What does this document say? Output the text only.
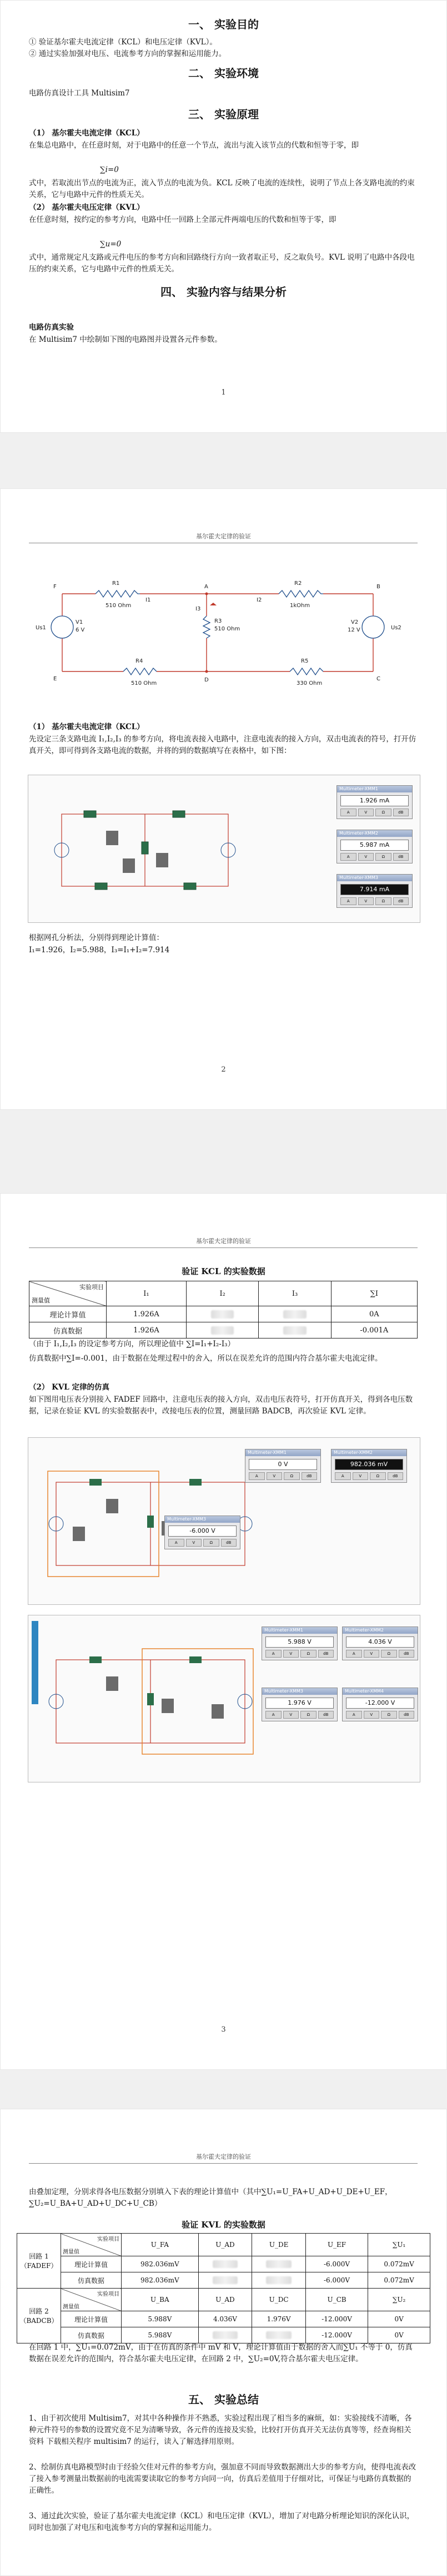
一、 实验目的
① 验证基尔霍夫电流定律（KCL）和电压定律（KVL）。
② 通过实验加强对电压、电流参考方向的掌握和运用能力。
二、 实验环境
电路仿真设计工具 Multisim7
三、 实验原理
（1） 基尔霍夫电流定律（KCL）
在集总电路中，在任意时刻，对于电路中的任意一个节点，流出与流入该节点的代数和恒等于零，即
∑i=0
式中，若取流出节点的电流为正，流入节点的电流为负。KCL 反映了电流的连续性，说明了节点上各支路电流的约束关系，它与电路中元件的性质无关。
（2） 基尔霍夫电压定律（KVL）
在任意时刻，按约定的参考方向，电路中任一回路上全部元件两端电压的代数和恒等于零，即
∑u=0
式中，通常规定凡支路或元件电压的参考方向和回路绕行方向一致者取正号，反之取负号。KVL 说明了电路中各段电压的约束关系，它与电路中元件的性质无关。
四、 实验内容与结果分析
电路仿真实验
在 Multisim7 中绘制如下图的电路图并设置各元件参数。
1
基尔霍夫定律的验证
R1
510 Ohm
R2
1kOhm
R3
510 Ohm
R4
510 Ohm
R5
330 Ohm
V1
6 V
Us1
V2
12 V	Us2
I1	I2
I3
A	B
C
D
E
F
（1） 基尔霍夫电流定律（KCL）
先设定三条支路电流 I₁,I₂,I₃ 的参考方向，将电流表接入电路中，注意电流表的接入方向，双击电流表的符号，打开仿真开关，即可得到各支路电流的数据，并将的到的数据填写在表格中，如下图：
Multimeter-XMM1
1.926 mA
A	V	Ω	dB
Multimeter-XMM2
5.987 mA
A	V	Ω	dB
Multimeter-XMM3
7.914 mA
A	V	Ω	dB
根据网孔分析法，分别得到理论计算值：
I₁=1.926，I₂=5.988，I₃=I₁+I₂=7.914
2
基尔霍夫定律的验证
验证 KCL 的实验数据
实验项目
测量值	I₁	I₂	I₃	∑I
理论计算值	1.926A			0A
仿真数据	1.926A			-0.001A
（由于 I₁,I₂,I₃ 的设定参考方向，所以理论值中 ∑I=I₁+I₂-I₃）
仿真数据中∑I=-0.001，由于数据在处理过程中的舍入，所以在误差允许的范围内符合基尔霍夫电流定律。
（2） KVL 定律的仿真
如下图用电压表分别接入 FADEF 回路中，注意电压表的接入方向，双击电压表符号，打开仿真开关，得到各电压数据，记录在验证 KVL 的实验数据表中，改接电压表的位置，测量回路 BADCB，再次验证 KVL 定律。
Multimeter-XMM1
0 V
A	V	Ω	dB
Multimeter-XMM2
982.036 mV
A	V	Ω	dB
Multimeter-XMM3
-6.000 V
A	V	Ω	dB
Multimeter-XMM1
5.988 V
A	V	Ω	dB
Multimeter-XMM2
4.036 V
A	V	Ω	dB
Multimeter-XMM3
1.976 V
A	V	Ω	dB
Multimeter-XMM4
-12.000 V
A	V	Ω	dB
3
基尔霍夫定律的验证
由叠加定理，分别求得各电压数据分别填入下表的理论计算值中（其中∑U₁=U_FA+U_AD+U_DE+U_EF，∑U₂=U_BA+U_AD+U_DC+U_CB）
验证 KVL 的实验数据
回路 1
（FADEF）	实验项目
测量值	U_FA	U_AD	U_DE	U_EF	∑U₁
	理论计算值	982.036mV			-6.000V	0.072mV
	仿真数据	982.036mV			-6.000V	0.072mV
回路 2
（BADCB）	实验项目
测量值	U_BA	U_AD	U_DC	U_CB	∑U₂
	理论计算值	5.988V	4.036V	1.976V	-12.000V	0V
	仿真数据	5.988V			-12.000V	0V
在回路 1 中，∑U₁=0.072mV，由于在仿真的条件中 mV 和 V，理论计算值由于数据的舍入而∑U₁ 不等于 0，仿真数据在误差允许的范围内，符合基尔霍夫电压定律，在回路 2 中，∑U₂=0V,符合基尔霍夫电压定律。
五、 实验总结
1、由于初次使用 Multisim7，对其中各种操作并不熟悉，实验过程出现了相当多的麻烦，如：实验接线不清晰，各种元件符号的参数的设置究竟不足为清晰导致，各元件的连接及实验，比较打开仿真开关无法仿真等等，经查询相关资料 下载相关程序 multisim7 的运行，读入了解选择用原则。
2、绘制仿真电路模型时由于经验欠佳对元件的参考方向，强加意不同而导致数据测出大步的参考方向，使得电流表改了接入参考测量出数据前的电流需要读取它的参考方向同一向，仿真后差值用于仔细对比，可保证与电路仿真数据的正确性。
3、通过此次实验，验证了基尔霍夫电流定律（KCL）和电压定律（KVL），增加了对电路分析理论知识的深化认识，同时也加强了对电压和电流参考方向的掌握和运用能力。
